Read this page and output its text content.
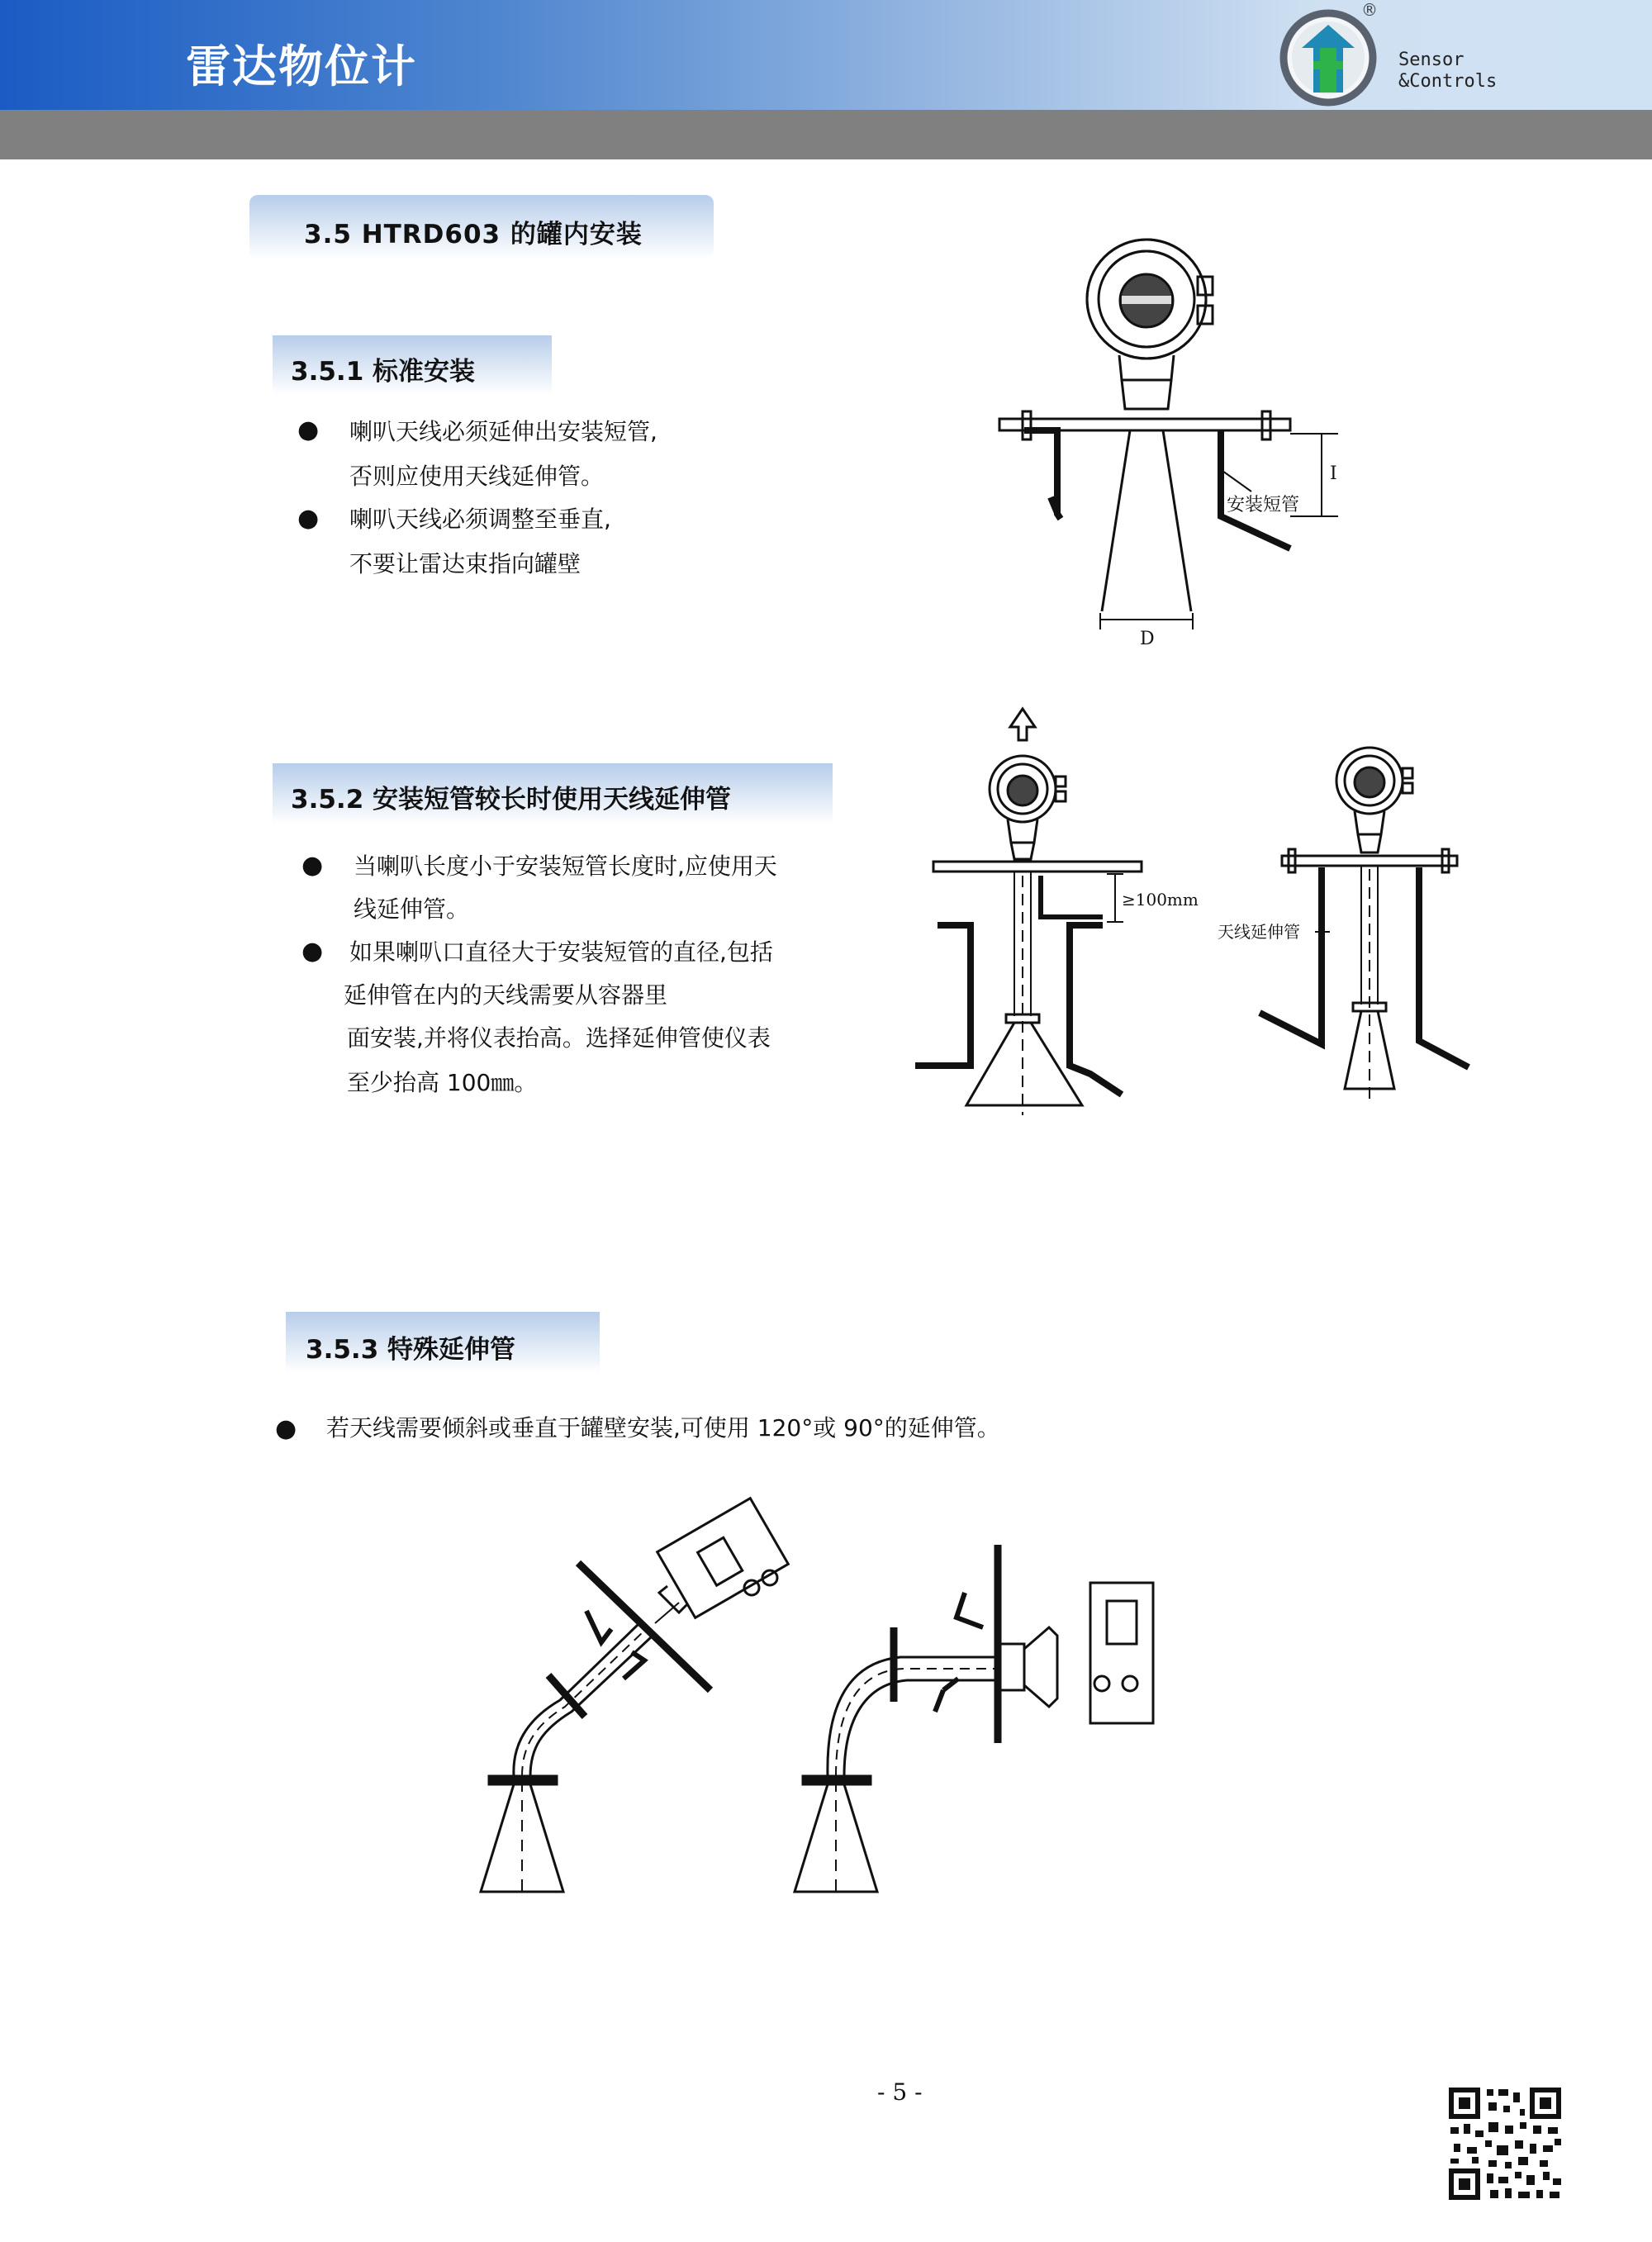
雷达物位计
®
Sensor
&Controls
3.5 HTRD603 的罐内安装
3.5.1 标准安装
● 喇叭天线必须延伸出安装短管,
否则应使用天线延伸管。
● 喇叭天线必须调整至垂直,
不要让雷达束指向罐壁
安装短管
I
D
3.5.2 安装短管较长时使用天线延伸管
● 当喇叭长度小于安装短管长度时,应使用天
线延伸管。
● 如果喇叭口直径大于安装短管的直径,包括
延伸管在内的天线需要从容器里
面安装,并将仪表抬高。选择延伸管使仪表
至少抬高 100㎜。
≥100mm
天线延伸管
3.5.3 特殊延伸管
● 若天线需要倾斜或垂直于罐壁安装,可使用 120°或 90°的延伸管。
- 5 -
